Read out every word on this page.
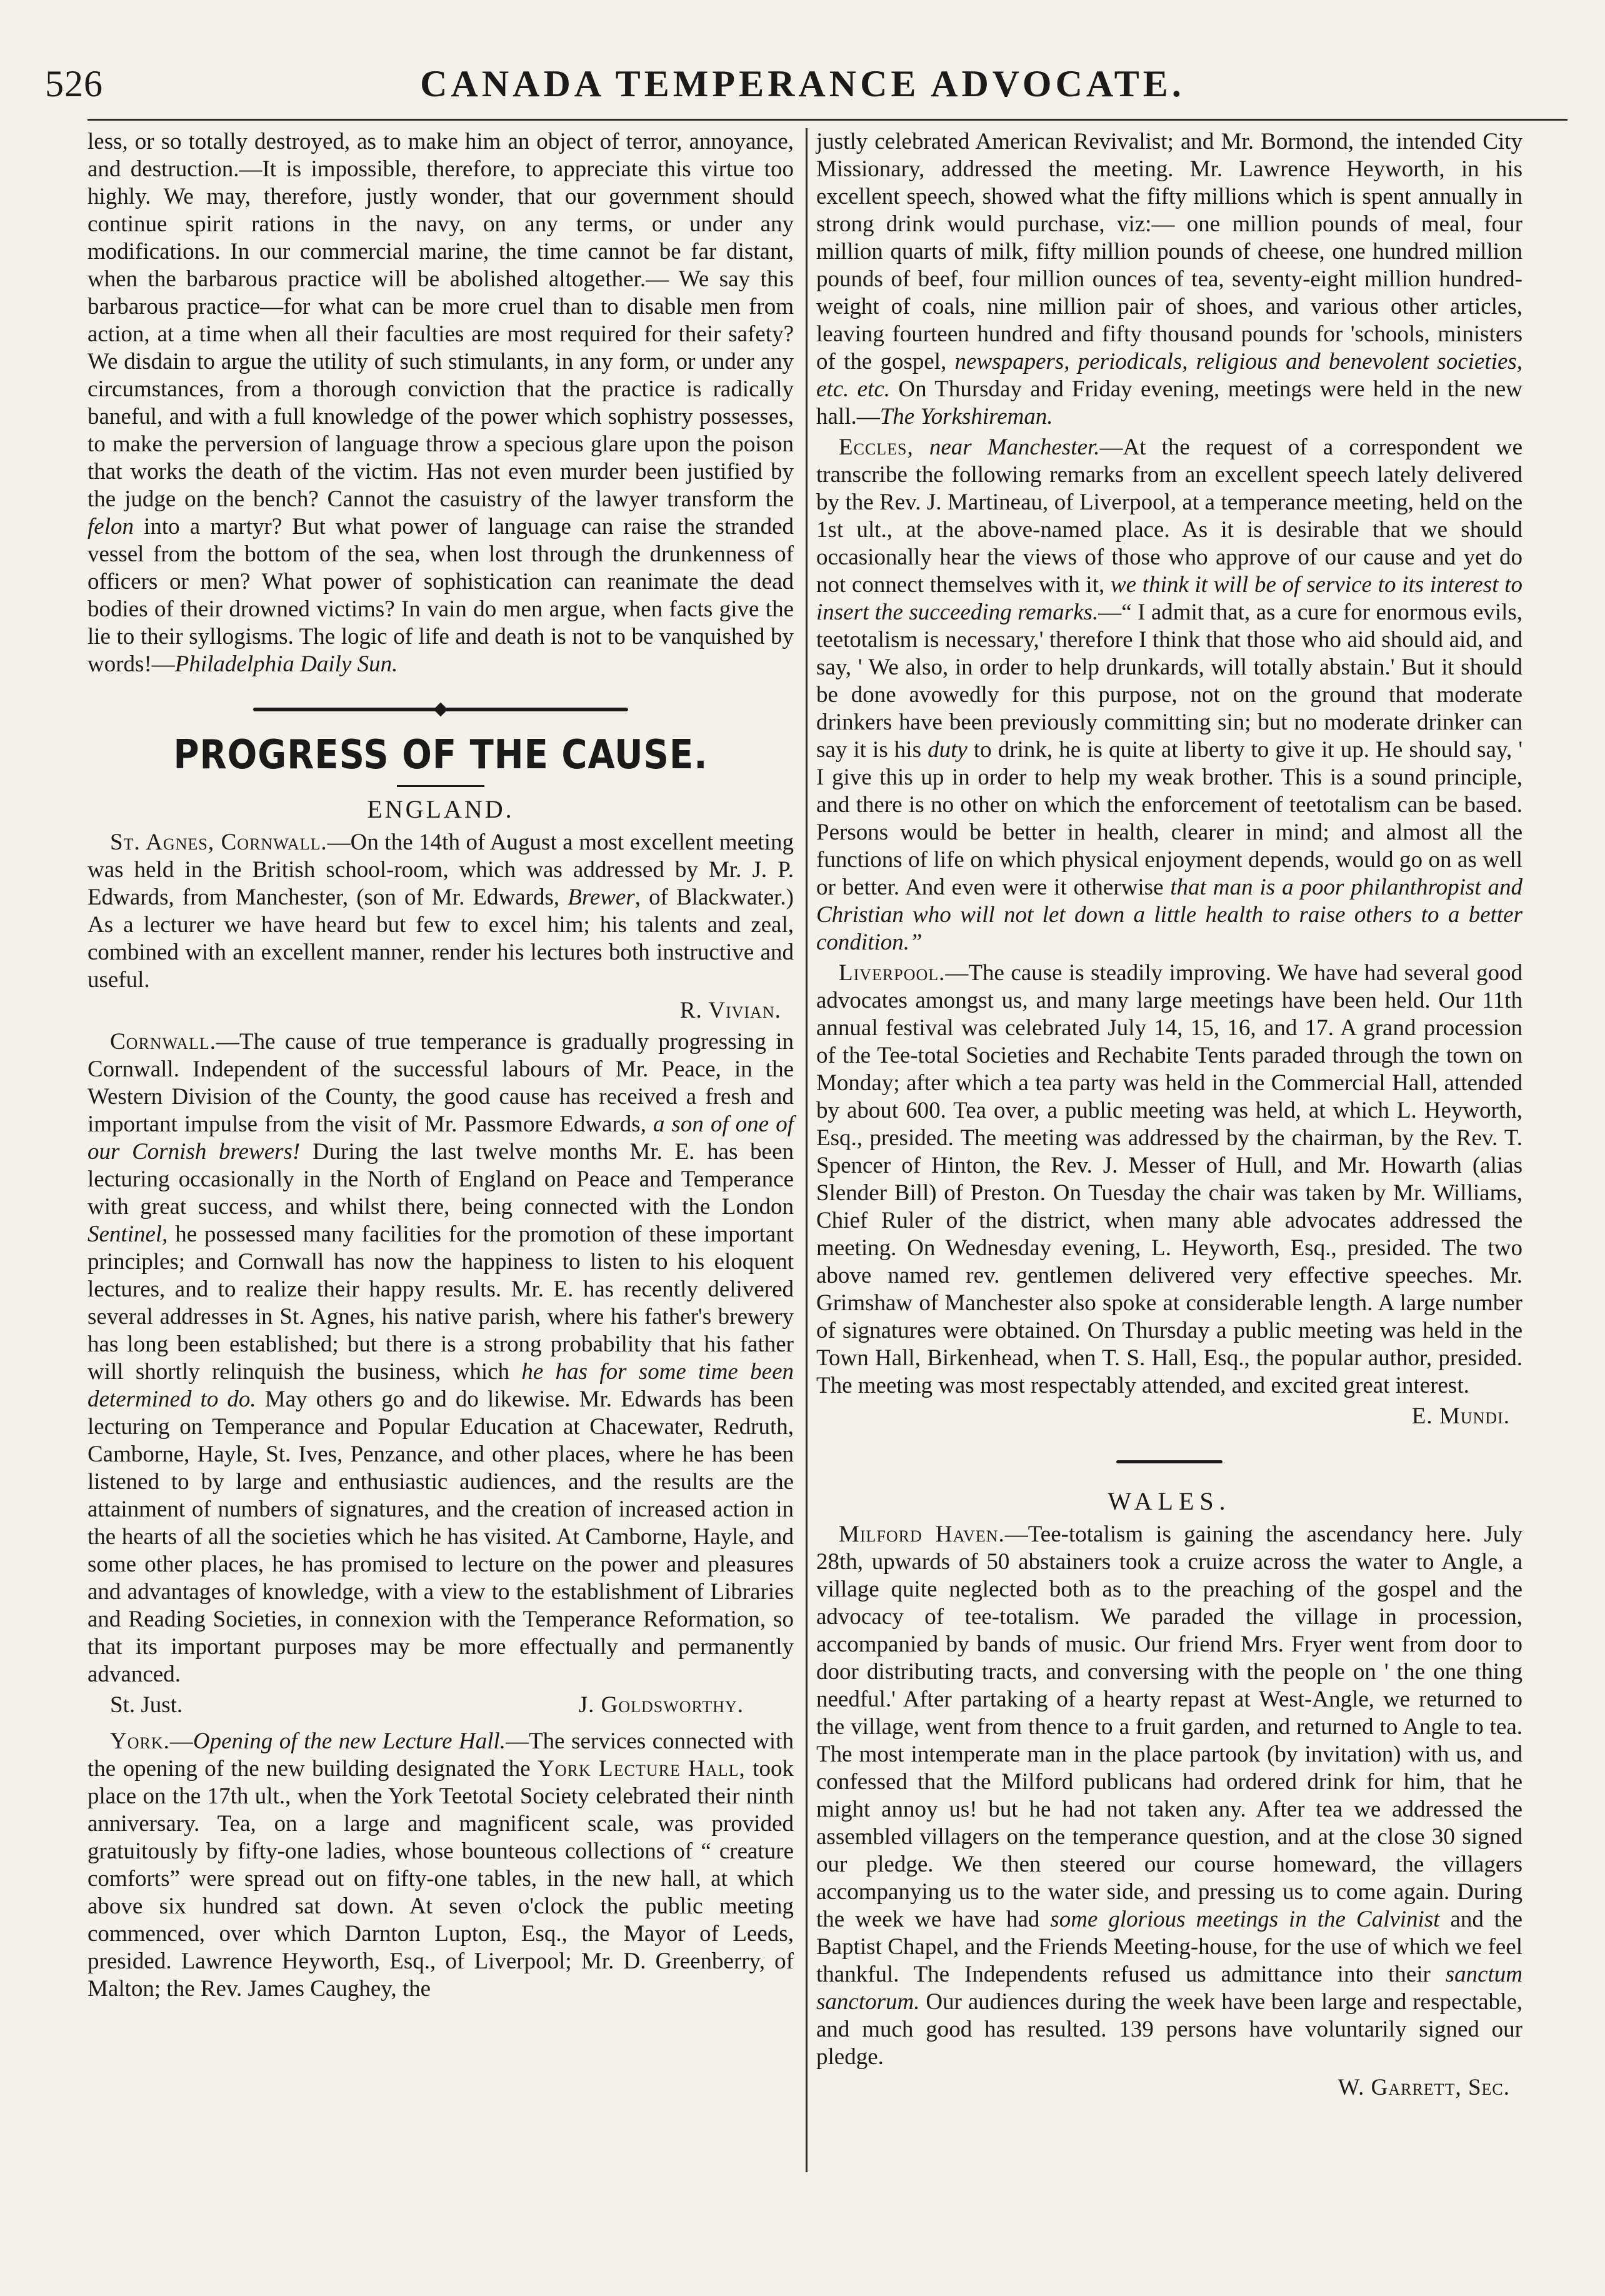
526	CANADA TEMPERANCE ADVOCATE.

less, or so totally destroyed, as to make him an object of terror, annoyance, and destruction.—It is impossible, therefore, to appreciate this virtue too highly. We may, therefore, justly wonder, that our government should continue spirit rations in the navy, on any terms, or under any modifications. In our commercial marine, the time cannot be far distant, when the barbarous practice will be abolished altogether.— We say this barbarous practice—for what can be more cruel than to disable men from action, at a time when all their faculties are most required for their safety? We disdain to argue the utility of such stimulants, in any form, or under any circumstances, from a thorough conviction that the practice is radically baneful, and with a full knowledge of the power which sophistry possesses, to make the perversion of language throw a specious glare upon the poison that works the death of the victim. Has not even murder been justified by the judge on the bench? Cannot the casuistry of the lawyer transform the felon into a martyr? But what power of language can raise the stranded vessel from the bottom of the sea, when lost through the drunkenness of officers or men? What power of sophistication can reanimate the dead bodies of their drowned victims? In vain do men argue, when facts give the lie to their syllogisms. The logic of life and death is not to be vanquished by words!—Philadelphia Daily Sun.

PROGRESS OF THE CAUSE.
ENGLAND.

St. Agnes, Cornwall.—On the 14th of August a most excellent meeting was held in the British school-room, which was addressed by Mr. J. P. Edwards, from Manchester, (son of Mr. Edwards, Brewer, of Blackwater.) As a lecturer we have heard but few to excel him; his talents and zeal, combined with an excellent manner, render his lectures both instructive and useful.

R. Vivian.

Cornwall.—The cause of true temperance is gradually progressing in Cornwall. Independent of the successful labours of Mr. Peace, in the Western Division of the County, the good cause has received a fresh and important impulse from the visit of Mr. Passmore Edwards, a son of one of our Cornish brewers! During the last twelve months Mr. E. has been lecturing occasionally in the North of England on Peace and Temperance with great success, and whilst there, being connected with the London Sentinel, he possessed many facilities for the promotion of these important principles; and Cornwall has now the happiness to listen to his eloquent lectures, and to realize their happy results. Mr. E. has recently delivered several addresses in St. Agnes, his native parish, where his father's brewery has long been established; but there is a strong probability that his father will shortly relinquish the business, which he has for some time been determined to do. May others go and do likewise. Mr. Edwards has been lecturing on Temperance and Popular Education at Chacewater, Redruth, Camborne, Hayle, St. Ives, Penzance, and other places, where he has been listened to by large and enthusiastic audiences, and the results are the attainment of numbers of signatures, and the creation of increased action in the hearts of all the societies which he has visited. At Camborne, Hayle, and some other places, he has promised to lecture on the power and pleasures and advantages of knowledge, with a view to the establishment of Libraries and Reading Societies, in connexion with the Temperance Reformation, so that its important purposes may be more effectually and permanently advanced.

St. Just.	J. Goldsworthy.

York.—Opening of the new Lecture Hall.—The services connected with the opening of the new building designated the York Lecture Hall, took place on the 17th ult., when the York Teetotal Society celebrated their ninth anniversary. Tea, on a large and magnificent scale, was provided gratuitously by fifty-one ladies, whose bounteous collections of “ creature comforts” were spread out on fifty-one tables, in the new hall, at which above six hundred sat down. At seven o'clock the public meeting commenced, over which Darnton Lupton, Esq., the Mayor of Leeds, presided. Lawrence Heyworth, Esq., of Liverpool; Mr. D. Greenberry, of Malton; the Rev. James Caughey, the

justly celebrated American Revivalist; and Mr. Bormond, the intended City Missionary, addressed the meeting. Mr. Lawrence Heyworth, in his excellent speech, showed what the fifty millions which is spent annually in strong drink would purchase, viz:— one million pounds of meal, four million quarts of milk, fifty million pounds of cheese, one hundred million pounds of beef, four million ounces of tea, seventy-eight million hundred-weight of coals, nine million pair of shoes, and various other articles, leaving fourteen hundred and fifty thousand pounds for 'schools, ministers of the gospel, newspapers, periodicals, religious and benevolent societies, etc. etc. On Thursday and Friday evening, meetings were held in the new hall.—The Yorkshireman.

Eccles, near Manchester.—At the request of a correspondent we transcribe the following remarks from an excellent speech lately delivered by the Rev. J. Martineau, of Liverpool, at a temperance meeting, held on the 1st ult., at the above-named place. As it is desirable that we should occasionally hear the views of those who approve of our cause and yet do not connect themselves with it, we think it will be of service to its interest to insert the succeeding remarks.—“ I admit that, as a cure for enormous evils, teetotalism is necessary,' therefore I think that those who aid should aid, and say, ' We also, in order to help drunkards, will totally abstain.' But it should be done avowedly for this purpose, not on the ground that moderate drinkers have been previously committing sin; but no moderate drinker can say it is his duty to drink, he is quite at liberty to give it up. He should say, ' I give this up in order to help my weak brother. This is a sound principle, and there is no other on which the enforcement of teetotalism can be based. Persons would be better in health, clearer in mind; and almost all the functions of life on which physical enjoyment depends, would go on as well or better. And even were it otherwise that man is a poor philanthropist and Christian who will not let down a little health to raise others to a better condition.”

Liverpool.—The cause is steadily improving. We have had several good advocates amongst us, and many large meetings have been held. Our 11th annual festival was celebrated July 14, 15, 16, and 17. A grand procession of the Tee-total Societies and Rechabite Tents paraded through the town on Monday; after which a tea party was held in the Commercial Hall, attended by about 600. Tea over, a public meeting was held, at which L. Heyworth, Esq., presided. The meeting was addressed by the chairman, by the Rev. T. Spencer of Hinton, the Rev. J. Messer of Hull, and Mr. Howarth (alias Slender Bill) of Preston. On Tuesday the chair was taken by Mr. Williams, Chief Ruler of the district, when many able advocates addressed the meeting. On Wednesday evening, L. Heyworth, Esq., presided. The two above named rev. gentlemen delivered very effective speeches. Mr. Grimshaw of Manchester also spoke at considerable length. A large number of signatures were obtained. On Thursday a public meeting was held in the Town Hall, Birkenhead, when T. S. Hall, Esq., the popular author, presided. The meeting was most respectably attended, and excited great interest.

E. Mundi.
WALES.

Milford Haven.—Tee-totalism is gaining the ascendancy here. July 28th, upwards of 50 abstainers took a cruize across the water to Angle, a village quite neglected both as to the preaching of the gospel and the advocacy of tee-totalism. We paraded the village in procession, accompanied by bands of music. Our friend Mrs. Fryer went from door to door distributing tracts, and conversing with the people on ' the one thing needful.' After partaking of a hearty repast at West-Angle, we returned to the village, went from thence to a fruit garden, and returned to Angle to tea. The most intemperate man in the place partook (by invitation) with us, and confessed that the Milford publicans had ordered drink for him, that he might annoy us! but he had not taken any. After tea we addressed the assembled villagers on the temperance question, and at the close 30 signed our pledge. We then steered our course homeward, the villagers accompanying us to the water side, and pressing us to come again. During the week we have had some glorious meetings in the Calvinist and the Baptist Chapel, and the Friends Meeting-house, for the use of which we feel thankful. The Independents refused us admittance into their sanctum sanctorum. Our audiences during the week have been large and respectable, and much good has resulted. 139 persons have voluntarily signed our pledge.

W. Garrett, Sec.
